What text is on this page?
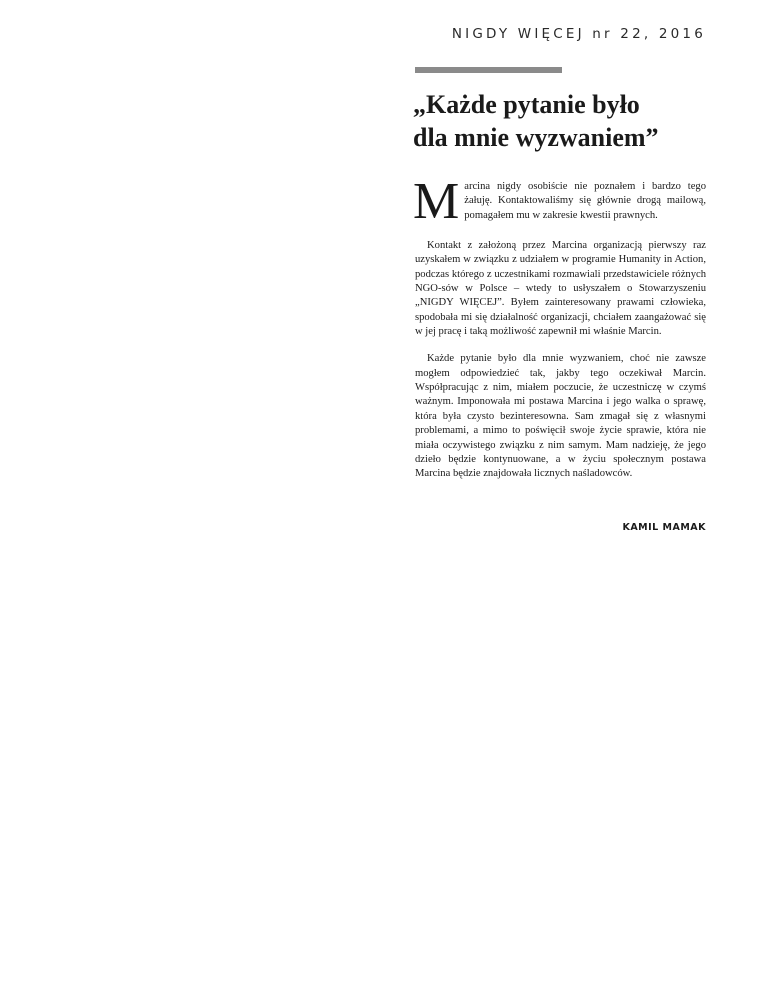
NIGDY WIĘCEJ nr 22, 2016
„Każde pytanie było
dla mnie wyzwaniem”

Marcina nigdy osobiście nie poznałem i bardzo tego żałuję. Kontaktowaliśmy się głównie drogą mailową, pomagałem mu w zakresie kwestii prawnych.

Kontakt z założoną przez Marcina organizacją pierwszy raz uzyskałem w związku z udziałem w programie Humanity in Action, podczas którego z uczestnikami rozmawiali przedstawiciele różnych NGO-sów w Polsce – wtedy to usłyszałem o Stowarzyszeniu „NIGDY WIĘCEJ”. Byłem zainteresowany prawami człowieka, spodobała mi się działalność organizacji, chciałem zaangażować się w jej pracę i taką możliwość zapewnił mi właśnie Marcin.

Każde pytanie było dla mnie wyzwaniem, choć nie zawsze mogłem odpowiedzieć tak, jakby tego oczekiwał Marcin. Współpracując z nim, miałem poczucie, że uczestniczę w czymś ważnym. Imponowała mi postawa Marcina i jego walka o sprawę, która była czysto bezinteresowna. Sam zmagał się z własnymi problemami, a mimo to poświęcił swoje życie sprawie, która nie miała oczywistego związku z nim samym. Mam nadzieję, że jego dzieło będzie kontynuowane, a w życiu społecznym postawa Marcina będzie znajdowała licznych naśladowców.

KAMIL MAMAK
